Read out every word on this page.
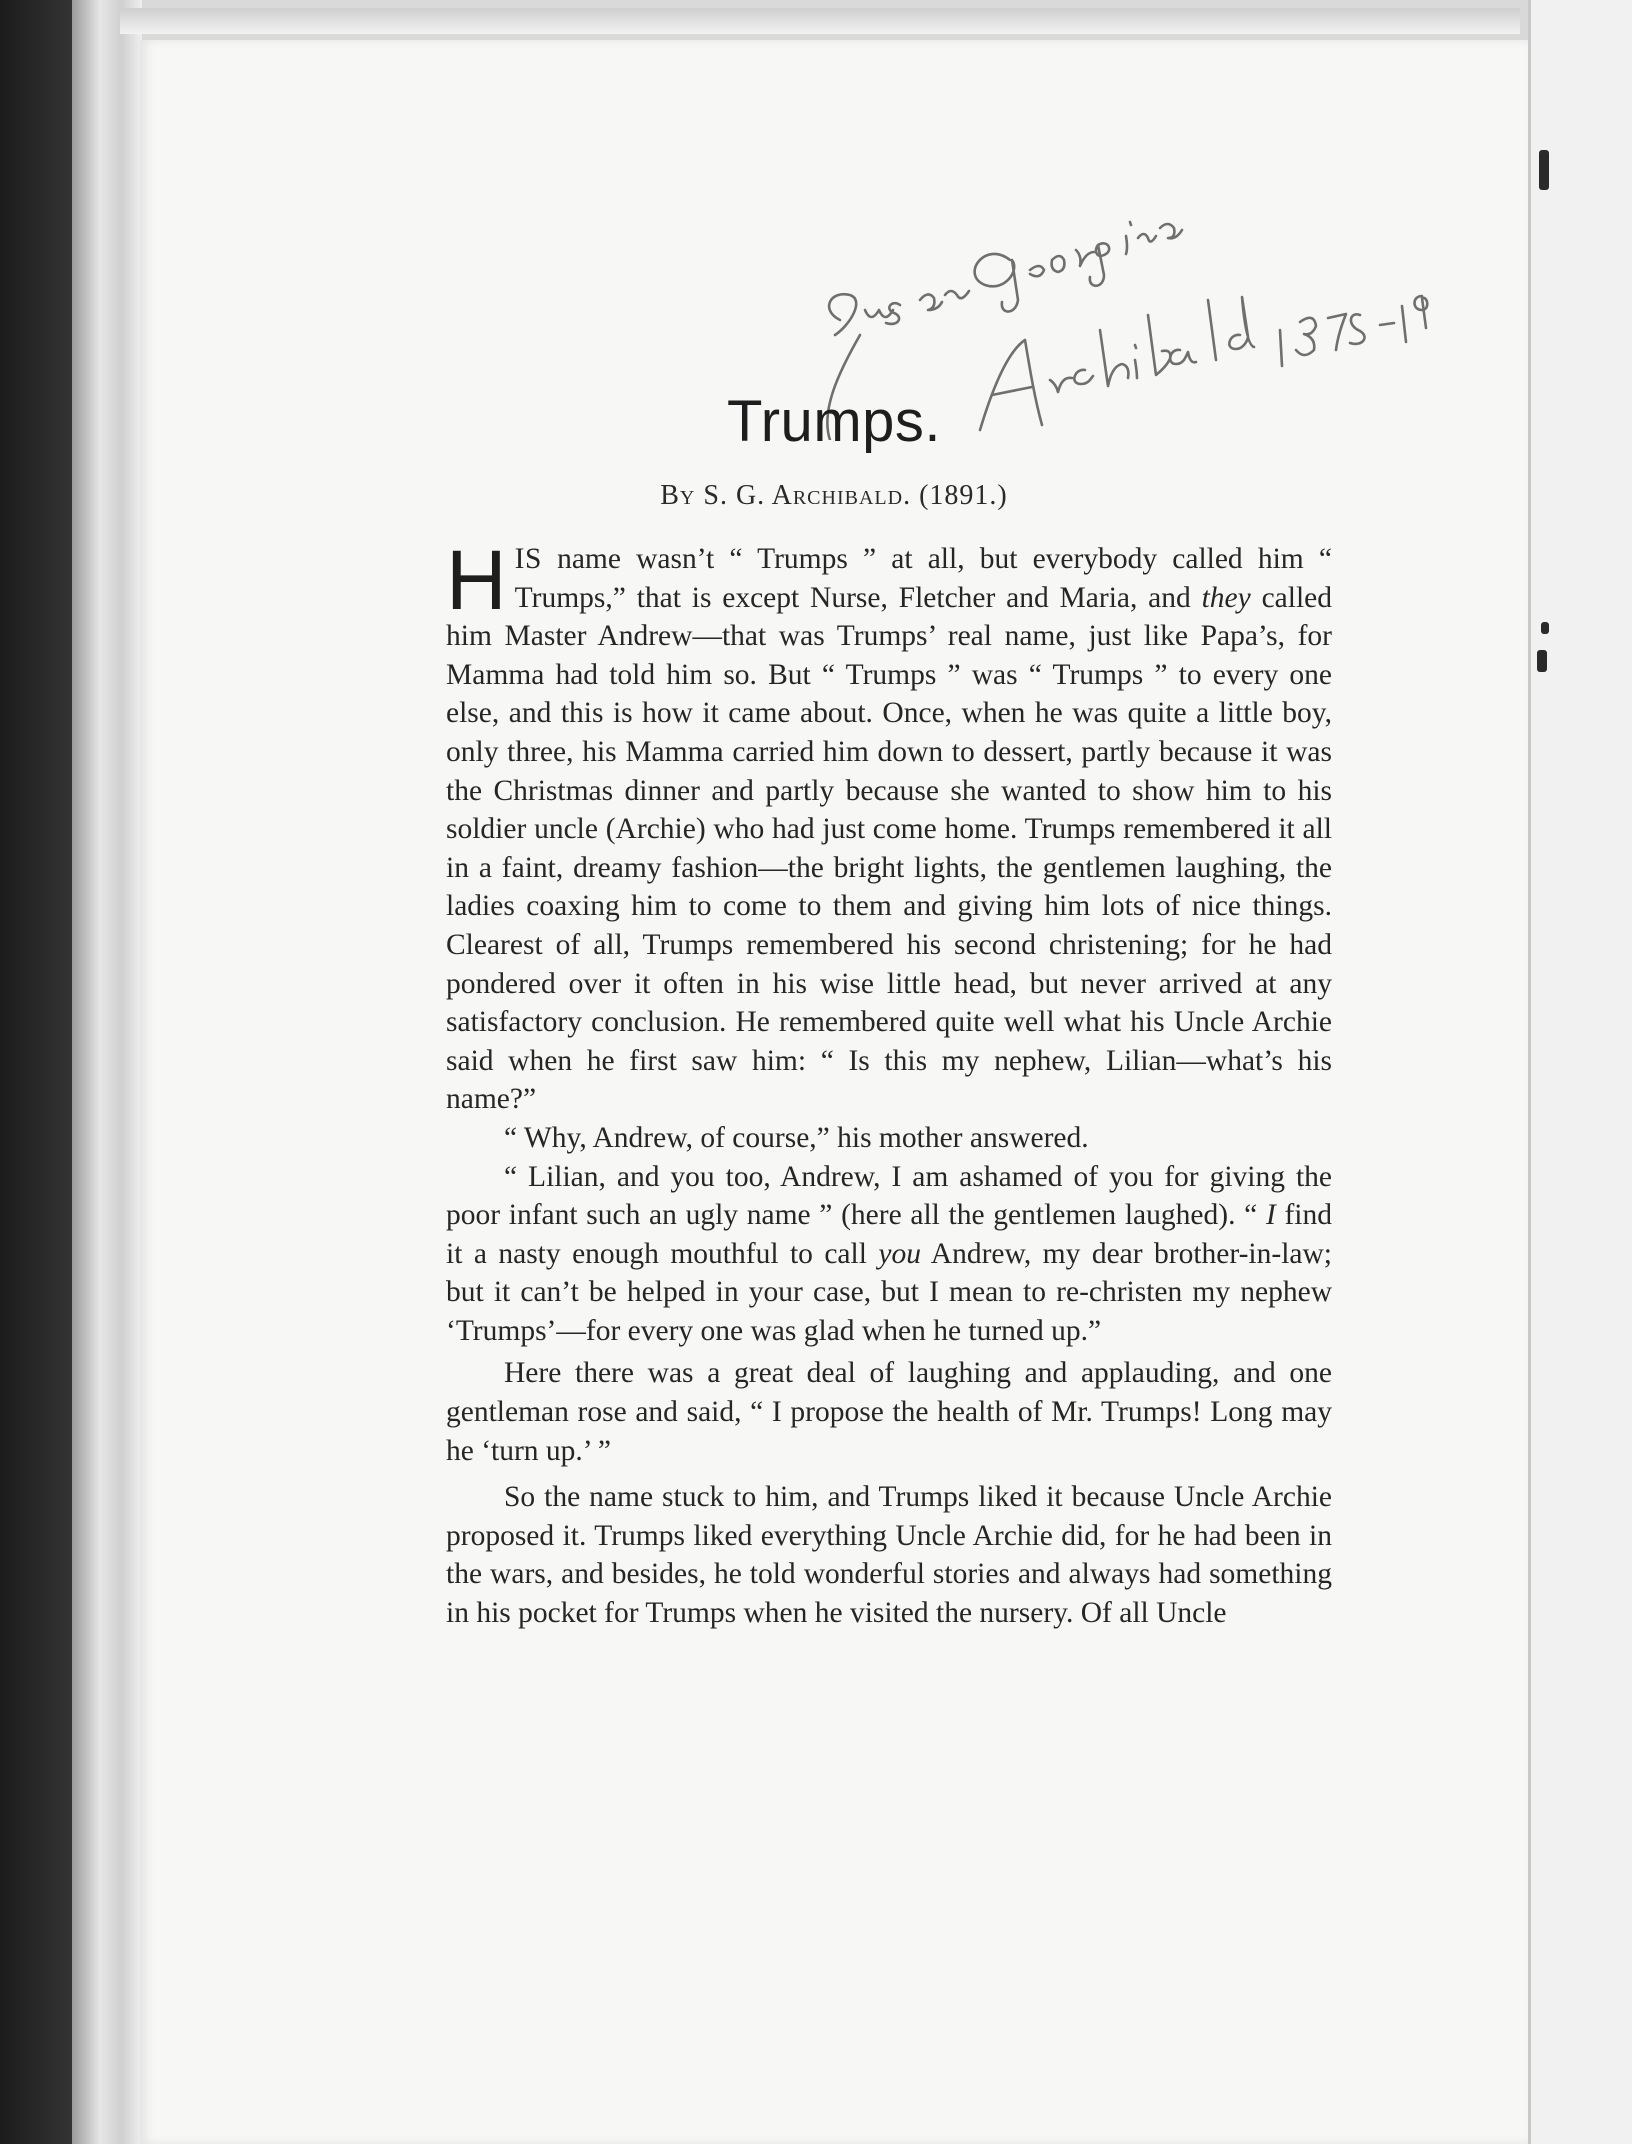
Trumps.
By S. G. Archibald. (1891.)

HIS name wasn’t “ Trumps ” at all, but everybody called him “ Trumps,” that is except Nurse, Fletcher and Maria, and they called him Master Andrew—that was Trumps’ real name, just like Papa’s, for Mamma had told him so. But “ Trumps ” was “ Trumps ” to every one else, and this is how it came about. Once, when he was quite a little boy, only three, his Mamma carried him down to dessert, partly because it was the Christmas dinner and partly because she wanted to show him to his soldier uncle (Archie) who had just come home. Trumps remembered it all in a faint, dreamy fashion—the bright lights, the gentlemen laughing, the ladies coaxing him to come to them and giving him lots of nice things. Clearest of all, Trumps remembered his second christening; for he had pondered over it often in his wise little head, but never arrived at any satisfactory conclusion. He remembered quite well what his Uncle Archie said when he first saw him: “ Is this my nephew, Lilian—what’s his name?”

“ Why, Andrew, of course,” his mother answered.

“ Lilian, and you too, Andrew, I am ashamed of you for giving the poor infant such an ugly name ” (here all the gentlemen laughed). “ I find it a nasty enough mouthful to call you Andrew, my dear brother-in-law; but it can’t be helped in your case, but I mean to re-christen my nephew ‘Trumps’—for every one was glad when he turned up.”

Here there was a great deal of laughing and applauding, and one gentleman rose and said, “ I propose the health of Mr. Trumps! Long may he ‘turn up.’ ”

So the name stuck to him, and Trumps liked it because Uncle Archie proposed it. Trumps liked everything Uncle Archie did, for he had been in the wars, and besides, he told wonderful stories and always had something in his pocket for Trumps when he visited the nursery. Of all Uncle
